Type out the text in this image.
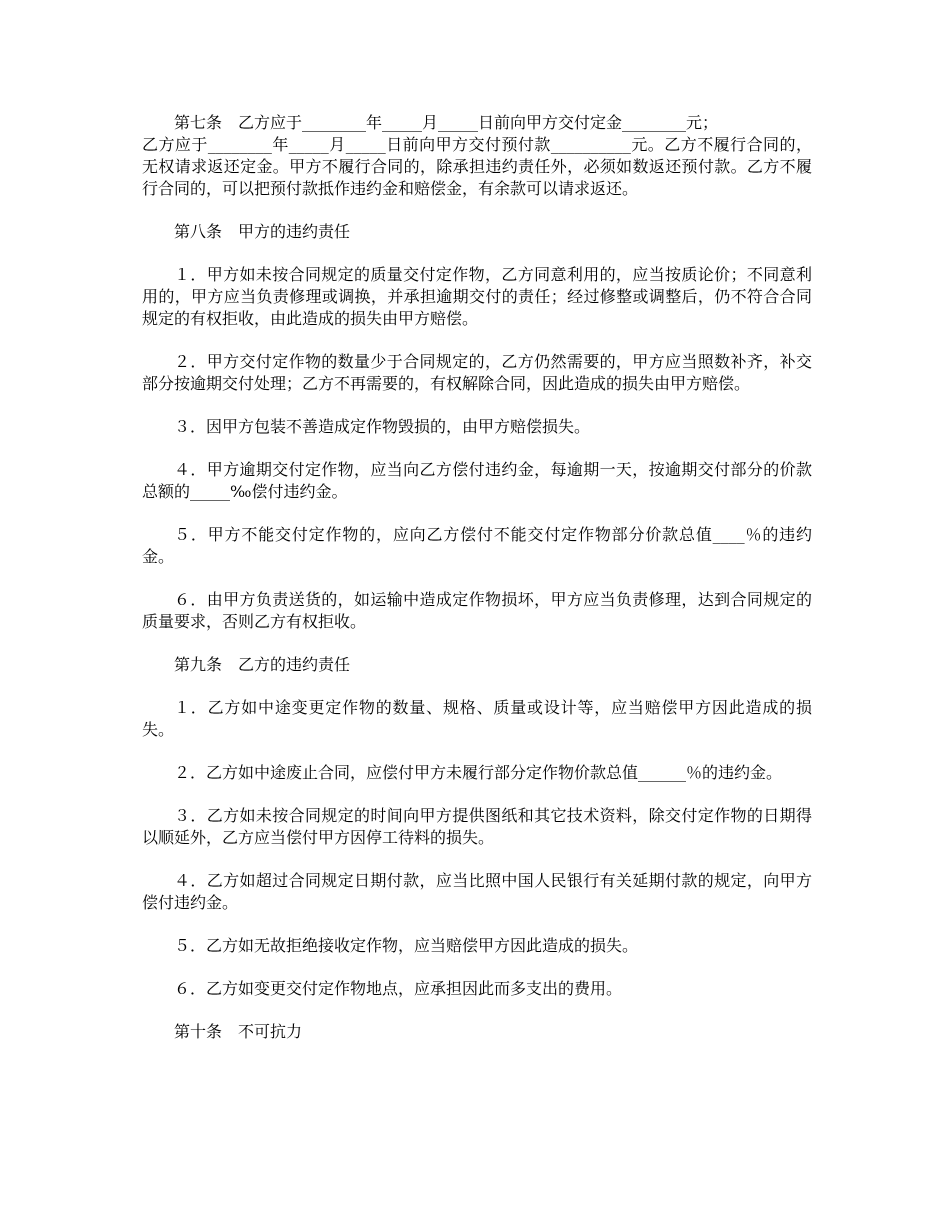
第七条　乙方应于________年_____月_____日前向甲方交付定金________元；

乙方应于________年_____月_____日前向甲方交付预付款__________元。乙方不履行合同的，无权请求返还定金。甲方不履行合同的，除承担违约责任外，必须如数返还预付款。乙方不履行合同的，可以把预付款抵作违约金和赔偿金，有余款可以请求返还。

第八条　甲方的违约责任

１．甲方如未按合同规定的质量交付定作物，乙方同意利用的，应当按质论价；不同意利用的，甲方应当负责修理或调换，并承担逾期交付的责任；经过修整或调整后，仍不符合合同规定的有权拒收，由此造成的损失由甲方赔偿。

２．甲方交付定作物的数量少于合同规定的，乙方仍然需要的，甲方应当照数补齐，补交部分按逾期交付处理；乙方不再需要的，有权解除合同，因此造成的损失由甲方赔偿。

３．因甲方包装不善造成定作物毁损的，由甲方赔偿损失。

４．甲方逾期交付定作物，应当向乙方偿付违约金，每逾期一天，按逾期交付部分的价款总额的_____‰偿付违约金。

５．甲方不能交付定作物的，应向乙方偿付不能交付定作物部分价款总值____％的违约金。

６．由甲方负责送货的，如运输中造成定作物损坏，甲方应当负责修理，达到合同规定的质量要求，否则乙方有权拒收。

第九条　乙方的违约责任

１．乙方如中途变更定作物的数量、规格、质量或设计等，应当赔偿甲方因此造成的损失。

２．乙方如中途废止合同，应偿付甲方未履行部分定作物价款总值______％的违约金。

３．乙方如未按合同规定的时间向甲方提供图纸和其它技术资料，除交付定作物的日期得以顺延外，乙方应当偿付甲方因停工待料的损失。

４．乙方如超过合同规定日期付款，应当比照中国人民银行有关延期付款的规定，向甲方偿付违约金。

５．乙方如无故拒绝接收定作物，应当赔偿甲方因此造成的损失。

６．乙方如变更交付定作物地点，应承担因此而多支出的费用。

第十条　不可抗力
